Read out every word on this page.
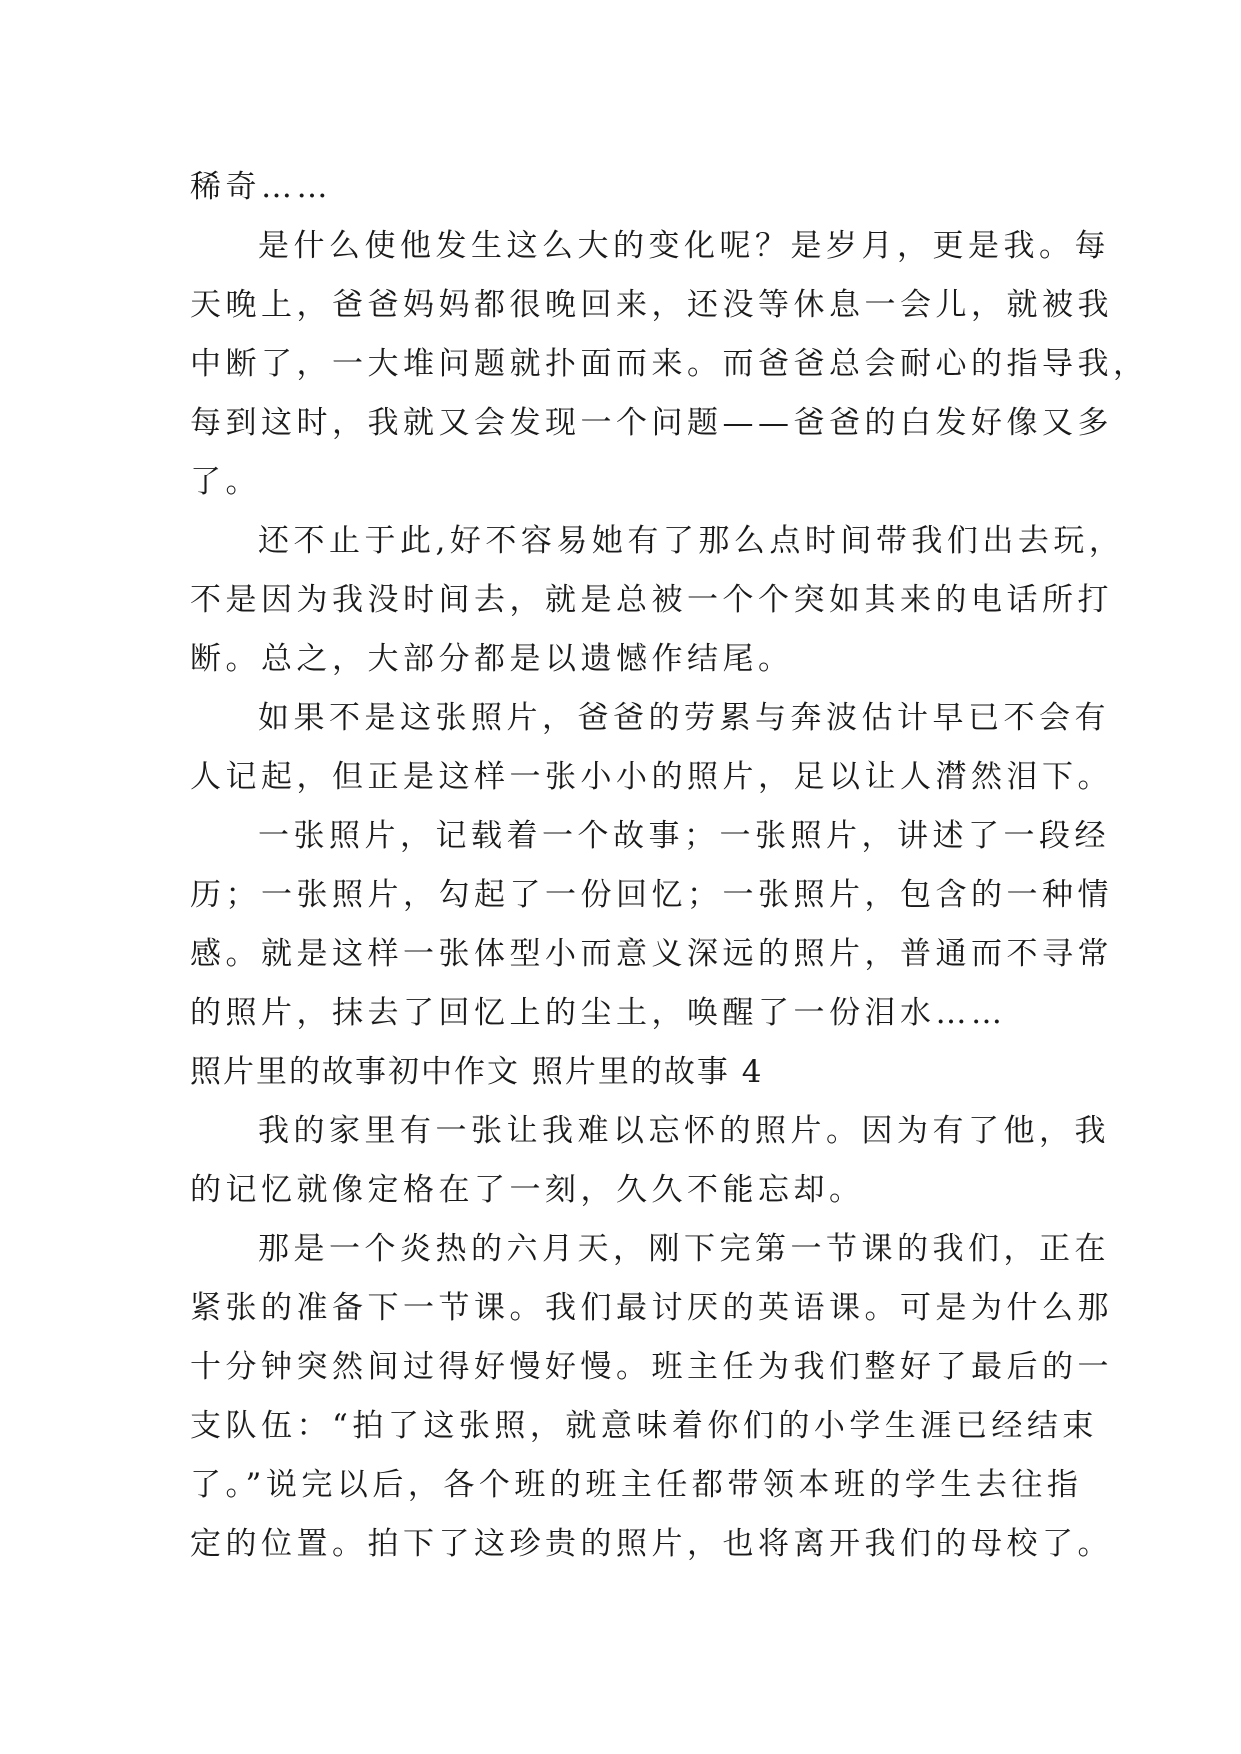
稀奇……
是什么使他发生这么大的变化呢？是岁月，更是我。每
天晚上，爸爸妈妈都很晚回来，还没等休息一会儿，就被我
中断了，一大堆问题就扑面而来。而爸爸总会耐心的指导我，
每到这时，我就又会发现一个问题——爸爸的白发好像又多
了。
还不止于此,好不容易她有了那么点时间带我们出去玩，
不是因为我没时间去，就是总被一个个突如其来的电话所打
断。总之，大部分都是以遗憾作结尾。
如果不是这张照片，爸爸的劳累与奔波估计早已不会有
人记起，但正是这样一张小小的照片，足以让人潸然泪下。
一张照片，记载着一个故事；一张照片，讲述了一段经
历；一张照片，勾起了一份回忆；一张照片，包含的一种情
感。就是这样一张体型小而意义深远的照片，普通而不寻常
的照片，抹去了回忆上的尘土，唤醒了一份泪水……
照片里的故事初中作文 照片里的故事 4
我的家里有一张让我难以忘怀的照片。因为有了他，我
的记忆就像定格在了一刻，久久不能忘却。
那是一个炎热的六月天，刚下完第一节课的我们，正在
紧张的准备下一节课。我们最讨厌的英语课。可是为什么那
十分钟突然间过得好慢好慢。班主任为我们整好了最后的一
支队伍：“拍了这张照，就意味着你们的小学生涯已经结束
了。”说完以后，各个班的班主任都带领本班的学生去往指
定的位置。拍下了这珍贵的照片，也将离开我们的母校了。
